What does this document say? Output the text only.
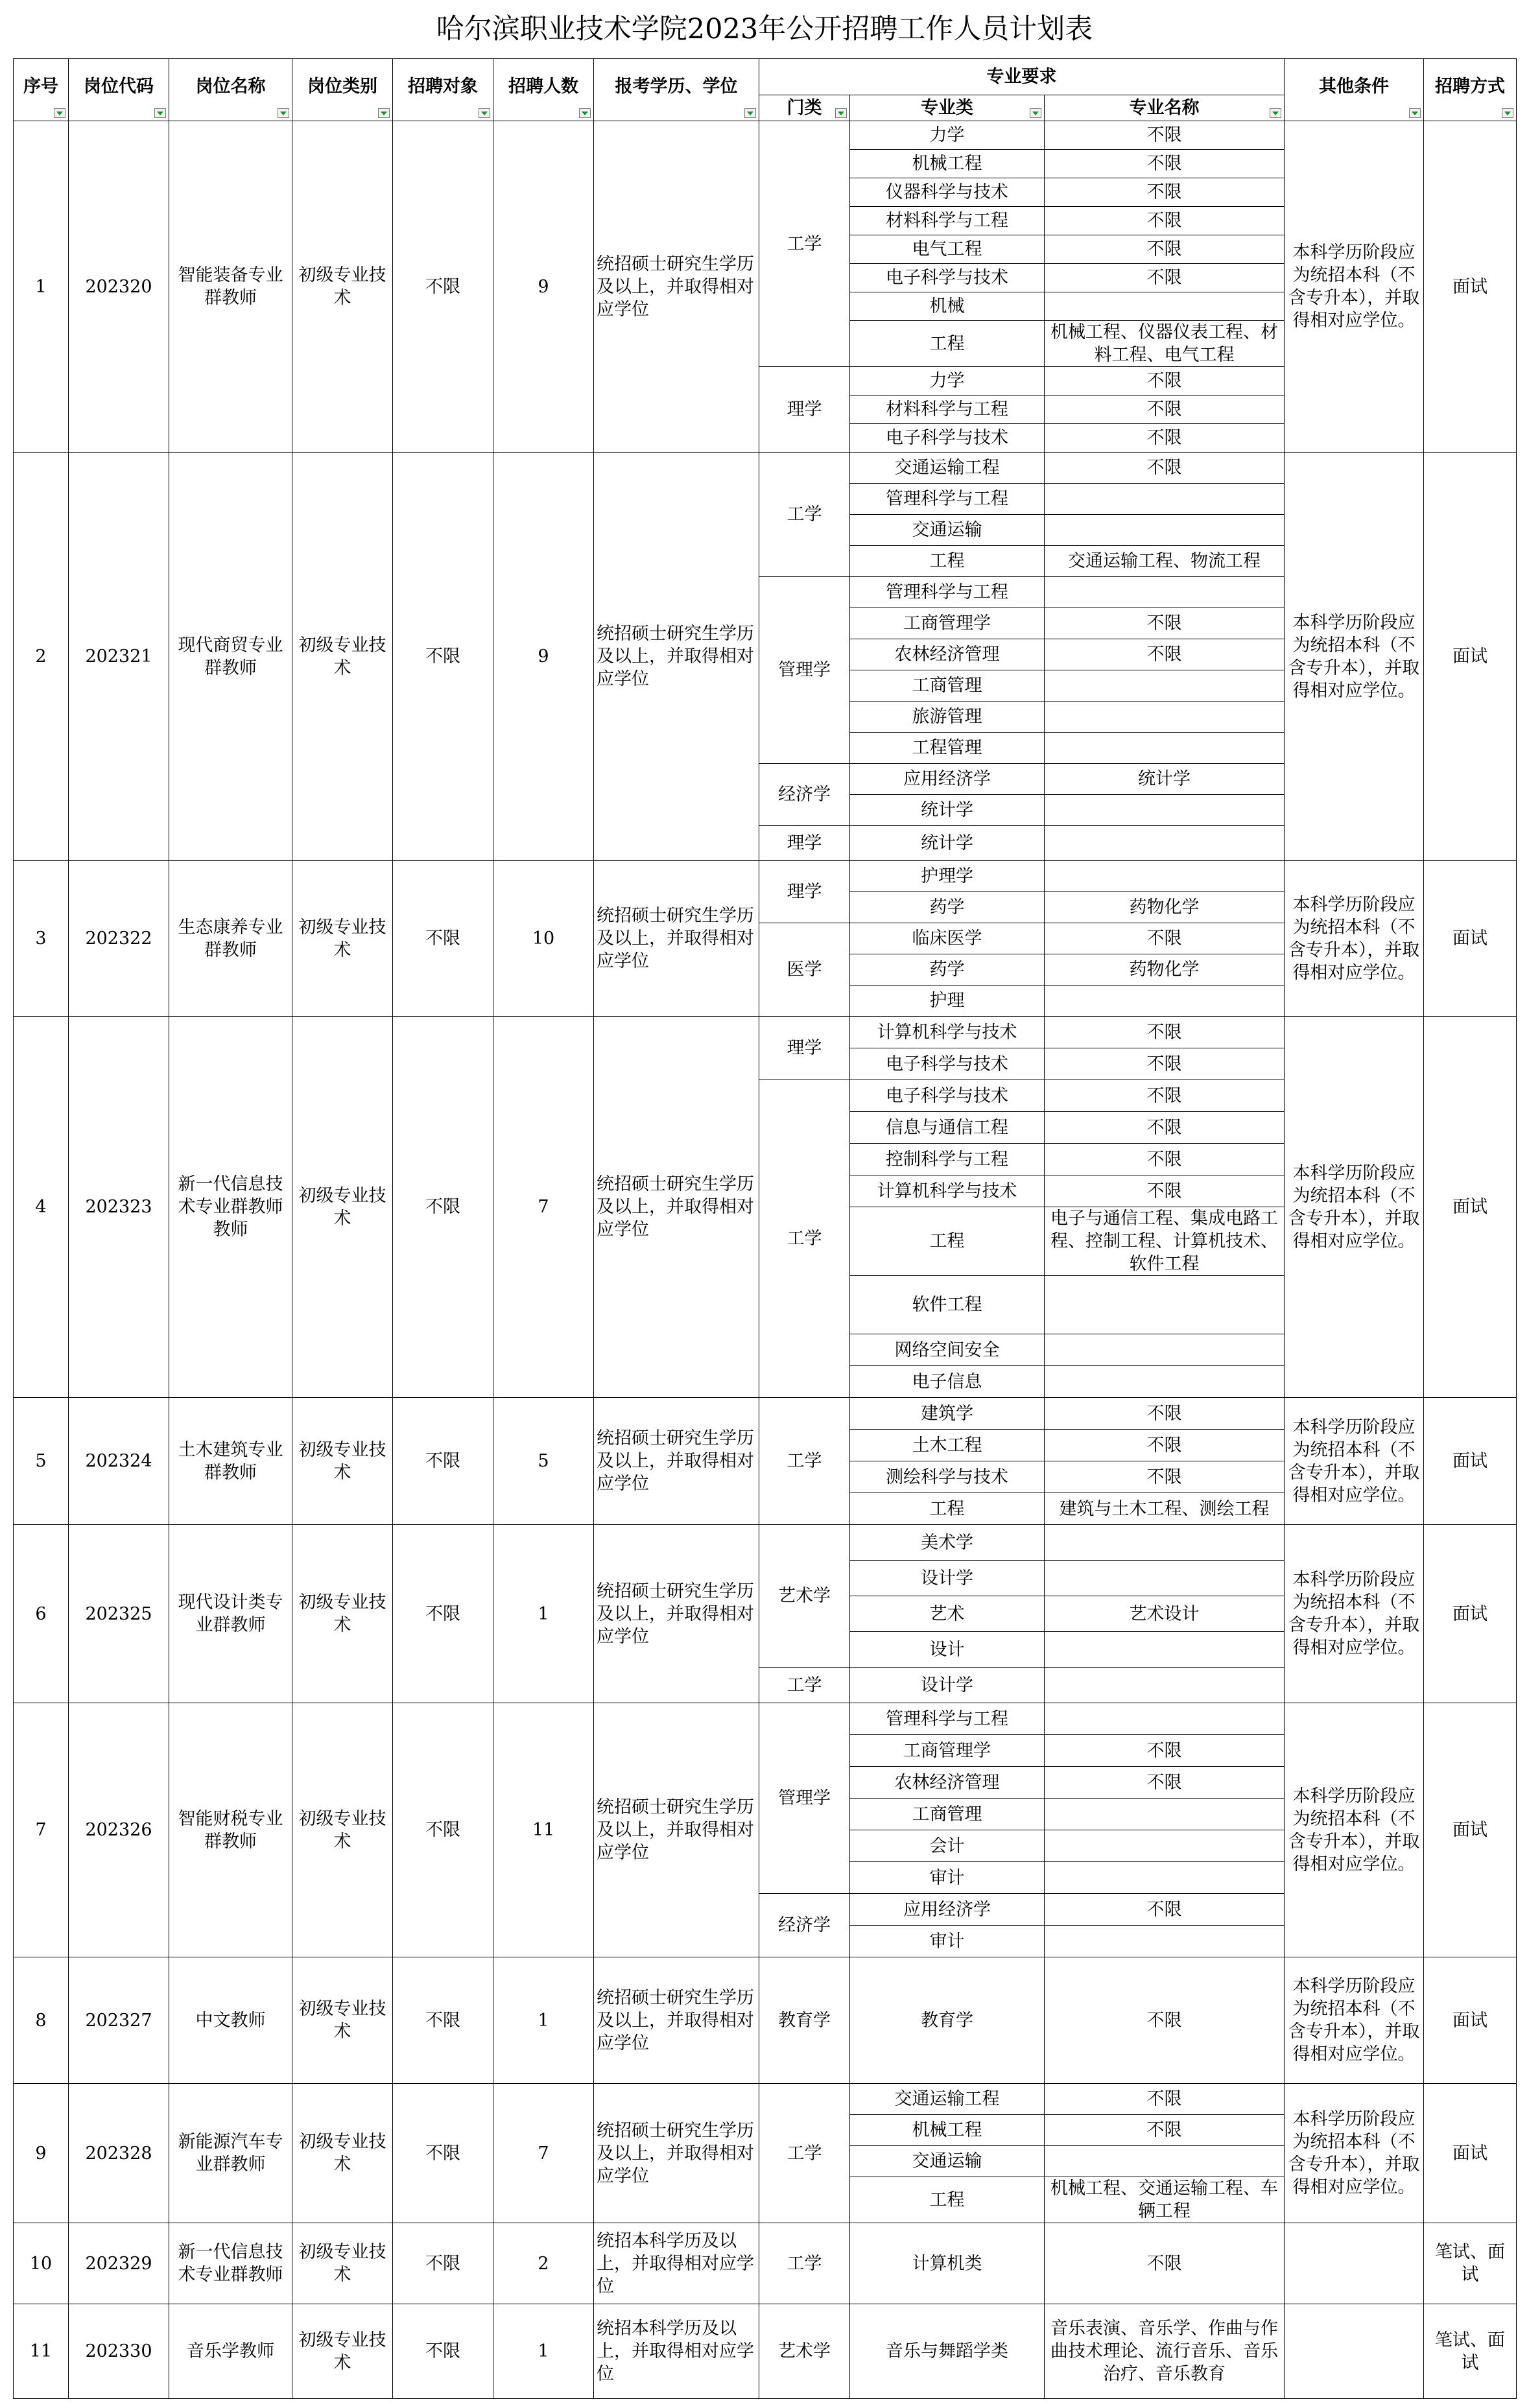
哈尔滨职业技术学院2023年公开招聘工作人员计划表
序号	岗位代码	岗位名称	岗位类别	招聘对象	招聘人数	报考学历、学位	专业要求			其他条件	招聘方式

							门类	专业类	专业名称		

1	202320	智能装备专业群教师	初级专业技术	不限	9	统招硕士研究生学历及以上，并取得相对应学位	工学	力学	不限	本科学历阶段应为统招本科（不含专升本），并取得相对应学位。	面试
								机械工程	不限		
								仪器科学与技术	不限		
								材料科学与工程	不限		
								电气工程	不限		
								电子科学与技术	不限		
								机械			
								工程	机械工程、仪器仪表工程、材料工程、电气工程		
							理学	力学	不限		
								材料科学与工程	不限		
								电子科学与技术	不限		
2	202321	现代商贸专业群教师	初级专业技术	不限	9	统招硕士研究生学历及以上，并取得相对应学位	工学	交通运输工程	不限	本科学历阶段应为统招本科（不含专升本），并取得相对应学位。	面试
								管理科学与工程			
								交通运输			
								工程	交通运输工程、物流工程		
							管理学	管理科学与工程			
								工商管理学	不限		
								农林经济管理	不限		
								工商管理			
								旅游管理			
								工程管理			
							经济学	应用经济学	统计学		
								统计学			
							理学	统计学			
3	202322	生态康养专业群教师	初级专业技术	不限	10	统招硕士研究生学历及以上，并取得相对应学位	理学	护理学		本科学历阶段应为统招本科（不含专升本），并取得相对应学位。	面试
								药学	药物化学		
							医学	临床医学	不限		
								药学	药物化学		
								护理			
4	202323	新一代信息技术专业群教师教师	初级专业技术	不限	7	统招硕士研究生学历及以上，并取得相对应学位	理学	计算机科学与技术	不限	本科学历阶段应为统招本科（不含专升本），并取得相对应学位。	面试
								电子科学与技术	不限		
							工学	电子科学与技术	不限		
								信息与通信工程	不限		
								控制科学与工程	不限		
								计算机科学与技术	不限		
								工程	电子与通信工程、集成电路工程、控制工程、计算机技术、软件工程		
								软件工程			
								网络空间安全			
								电子信息			
5	202324	土木建筑专业群教师	初级专业技术	不限	5	统招硕士研究生学历及以上，并取得相对应学位	工学	建筑学	不限	本科学历阶段应为统招本科（不含专升本），并取得相对应学位。	面试
								土木工程	不限		
								测绘科学与技术	不限		
								工程	建筑与土木工程、测绘工程		
6	202325	现代设计类专业群教师	初级专业技术	不限	1	统招硕士研究生学历及以上，并取得相对应学位	艺术学	美术学		本科学历阶段应为统招本科（不含专升本），并取得相对应学位。	面试
								设计学			
								艺术	艺术设计		
								设计			
							工学	设计学			
7	202326	智能财税专业群教师	初级专业技术	不限	11	统招硕士研究生学历及以上，并取得相对应学位	管理学	管理科学与工程		本科学历阶段应为统招本科（不含专升本），并取得相对应学位。	面试
								工商管理学	不限		
								农林经济管理	不限		
								工商管理			
								会计			
								审计			
							经济学	应用经济学	不限		
								审计			
8	202327	中文教师	初级专业技术	不限	1	统招硕士研究生学历及以上，并取得相对应学位	教育学	教育学	不限	本科学历阶段应为统招本科（不含专升本），并取得相对应学位。	面试
9	202328	新能源汽车专业群教师	初级专业技术	不限	7	统招硕士研究生学历及以上，并取得相对应学位	工学	交通运输工程	不限	本科学历阶段应为统招本科（不含专升本），并取得相对应学位。	面试
								机械工程	不限		
								交通运输			
								工程	机械工程、交通运输工程、车辆工程		
10	202329	新一代信息技术专业群教师	初级专业技术	不限	2	统招本科学历及以上，并取得相对应学位	工学	计算机类	不限		笔试、面试
11	202330	音乐学教师	初级专业技术	不限	1	统招本科学历及以上，并取得相对应学位	艺术学	音乐与舞蹈学类	音乐表演、音乐学、作曲与作曲技术理论、流行音乐、音乐治疗、音乐教育		笔试、面试
